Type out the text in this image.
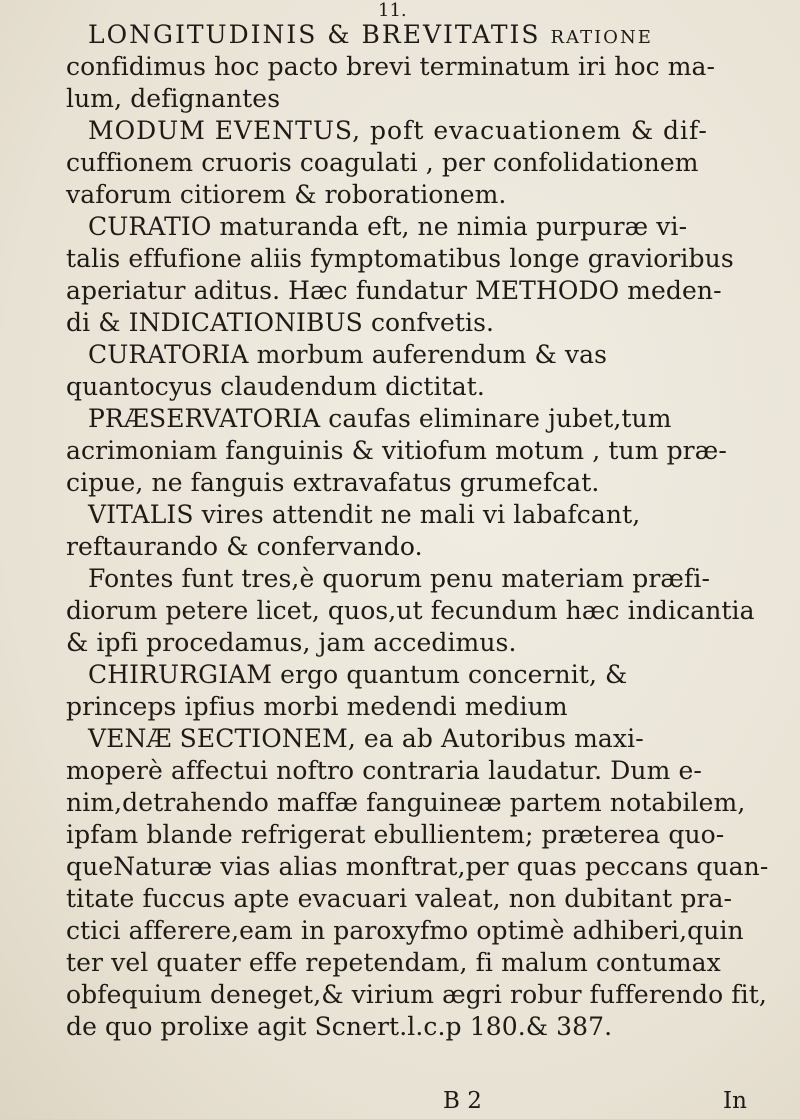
11.
LONGITUDINIS & BREVITATIS ratione
confidimus hoc pacto brevi terminatum iri hoc ma-
lum, defignantes
MODUM EVENTUS, poft evacuationem & dif-
cuffionem cruoris coagulati , per confolidationem
vaforum citiorem & roborationem.
CURATIO maturanda eft, ne nimia purpuræ vi-
talis effufione aliis fymptomatibus longe gravioribus
aperiatur aditus. Hæc fundatur METHODO meden-
di & INDICATIONIBUS confvetis.
CURATORIA morbum auferendum & vas
quantocyus claudendum dictitat.
PRÆSERVATORIA caufas eliminare jubet,tum
acrimoniam fanguinis & vitiofum motum , tum præ-
cipue, ne fanguis extravafatus grumefcat.
VITALIS vires attendit ne mali vi labafcant,
reftaurando & confervando.
Fontes funt tres,è quorum penu materiam præfi-
diorum petere licet, quos,ut fecundum hæc indicantia
& ipfi procedamus, jam accedimus.
CHIRURGIAM ergo quantum concernit, &
princeps ipfius morbi medendi medium
VENÆ SECTIONEM, ea ab Autoribus maxi-
moperè affectui noftro contraria laudatur. Dum e-
nim,detrahendo maffæ fanguineæ partem notabilem,
ipfam blande refrigerat ebullientem; præterea quo-
queNaturæ vias alias monftrat,per quas peccans quan-
titate fuccus apte evacuari valeat, non dubitant pra-
ctici afferere,eam in paroxyfmo optimè adhiberi,quin
ter vel quater effe repetendam, fi malum contumax
obfequium deneget,& virium ægri robur fufferendo fit,
de quo prolixe agit Scnert.l.c.p 180.& 387.
B 2	In
